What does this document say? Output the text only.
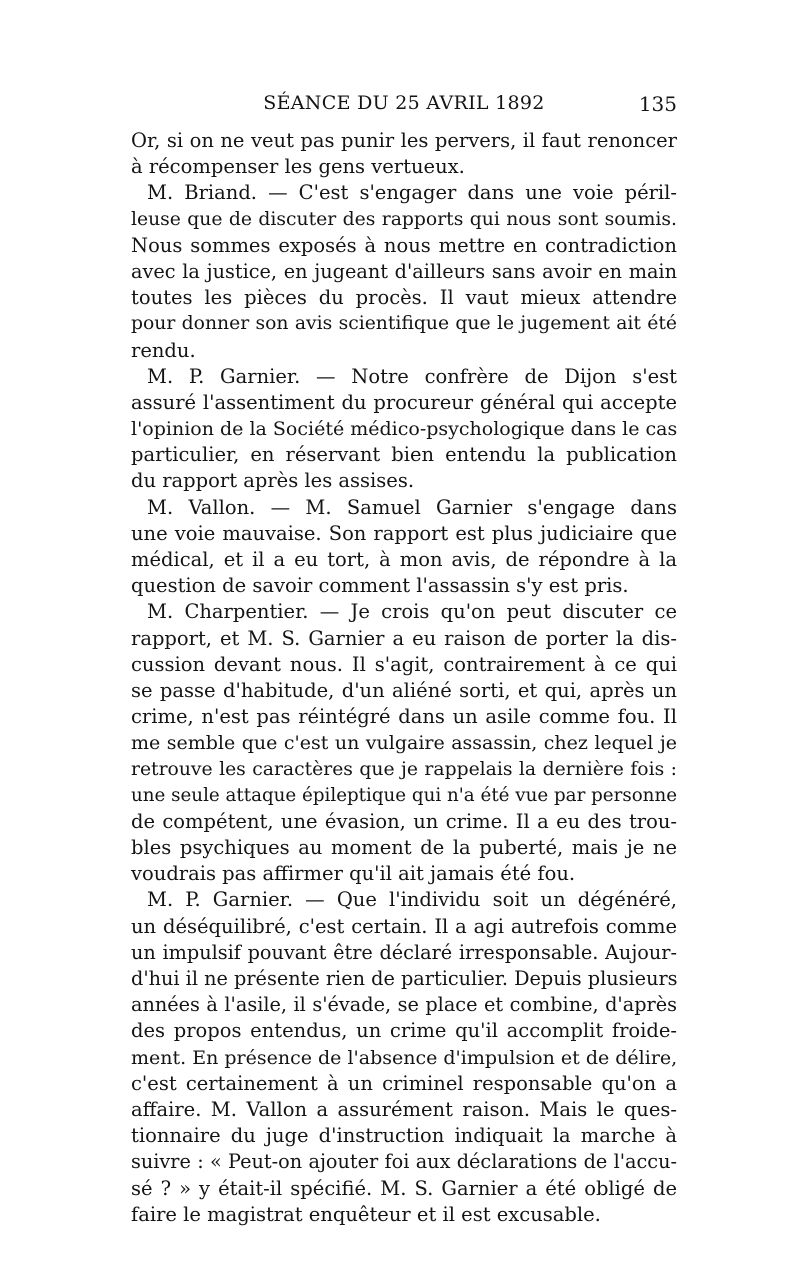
SÉANCE DU 25 AVRIL 1892	135
Or, si on ne veut pas punir les pervers, il faut renoncer
à récompenser les gens vertueux.
M. Briand. — C'est s'engager dans une voie péril-
leuse que de discuter des rapports qui nous sont soumis.
Nous sommes exposés à nous mettre en contradiction
avec la justice, en jugeant d'ailleurs sans avoir en main
toutes les pièces du procès. Il vaut mieux attendre
pour donner son avis scientifique que le jugement ait été
rendu.
M. P. Garnier. — Notre confrère de Dijon s'est
assuré l'assentiment du procureur général qui accepte
l'opinion de la Société médico-psychologique dans le cas
particulier, en réservant bien entendu la publication
du rapport après les assises.
M. Vallon. — M. Samuel Garnier s'engage dans
une voie mauvaise. Son rapport est plus judiciaire que
médical, et il a eu tort, à mon avis, de répondre à la
question de savoir comment l'assassin s'y est pris.
M. Charpentier. — Je crois qu'on peut discuter ce
rapport, et M. S. Garnier a eu raison de porter la dis-
cussion devant nous. Il s'agit, contrairement à ce qui
se passe d'habitude, d'un aliéné sorti, et qui, après un
crime, n'est pas réintégré dans un asile comme fou. Il
me semble que c'est un vulgaire assassin, chez lequel je
retrouve les caractères que je rappelais la dernière fois :
une seule attaque épileptique qui n'a été vue par personne
de compétent, une évasion, un crime. Il a eu des trou-
bles psychiques au moment de la puberté, mais je ne
voudrais pas affirmer qu'il ait jamais été fou.
M. P. Garnier. — Que l'individu soit un dégénéré,
un déséquilibré, c'est certain. Il a agi autrefois comme
un impulsif pouvant être déclaré irresponsable. Aujour-
d'hui il ne présente rien de particulier. Depuis plusieurs
années à l'asile, il s'évade, se place et combine, d'après
des propos entendus, un crime qu'il accomplit froide-
ment. En présence de l'absence d'impulsion et de délire,
c'est certainement à un criminel responsable qu'on a
affaire. M. Vallon a assurément raison. Mais le ques-
tionnaire du juge d'instruction indiquait la marche à
suivre : « Peut-on ajouter foi aux déclarations de l'accu-
sé ? » y était-il spécifié. M. S. Garnier a été obligé de
faire le magistrat enquêteur et il est excusable.
